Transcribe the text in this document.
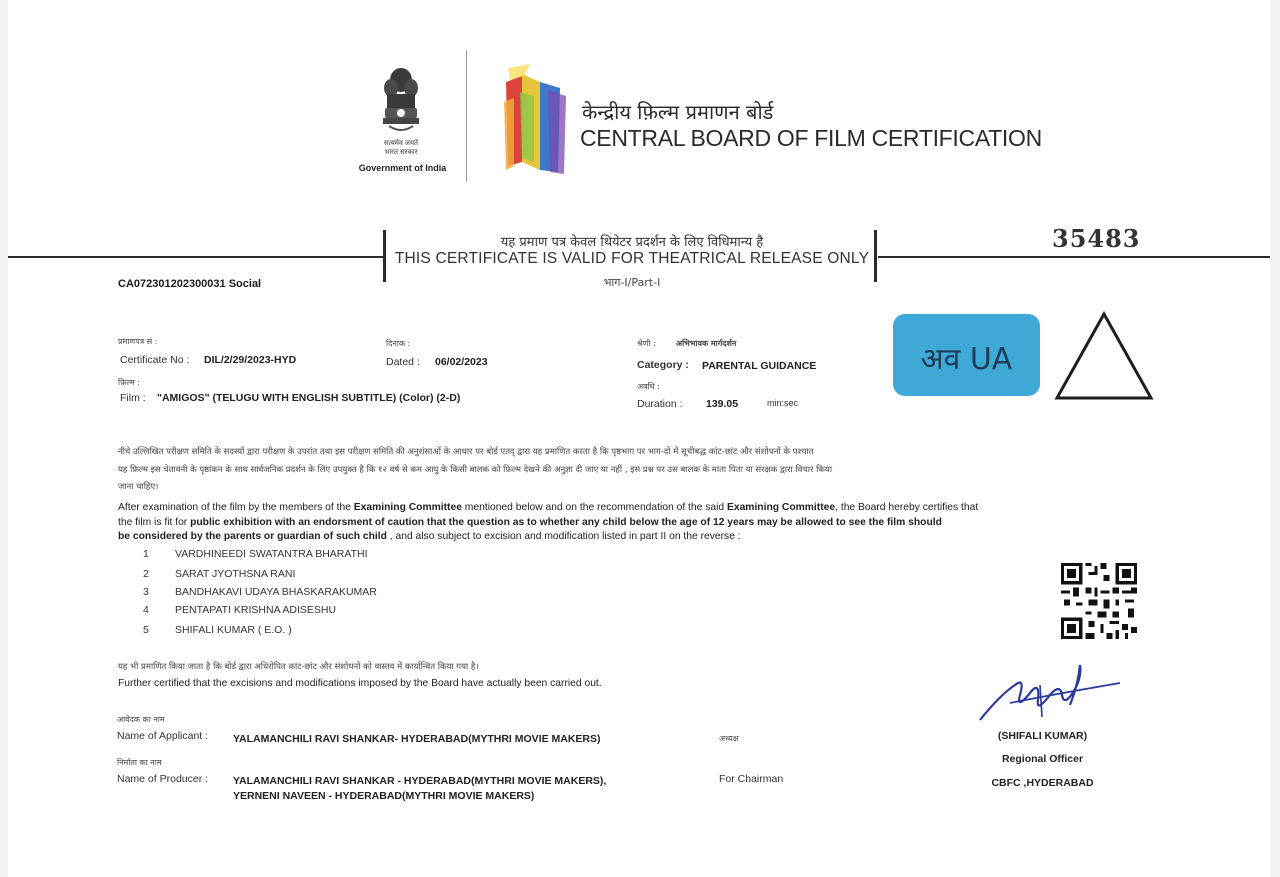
सत्यमेव जयते
भारत सरकार
Government of India
केन्द्रीय फ़िल्म प्रमाणन बोर्ड
CENTRAL BOARD OF FILM CERTIFICATION
यह प्रमाण पत्र केवल थियेटर प्रदर्शन के लिए विधिमान्य है
THIS CERTIFICATE IS VALID FOR THEATRICAL RELEASE ONLY
भाग-I/Part-I
35483
CA072301202300031 Social
प्रमाणपत्र सं :
Certificate No : DIL/2/29/2023-HYD
दिनांक :
Dated : 06/02/2023
श्रेणी :	अभिभावक मार्गदर्शन
Category : PARENTAL GUIDANCE
फ़िल्म :
Film : "AMIGOS" (TELUGU WITH ENGLISH SUBTITLE) (Color) (2-D)
अवधि :
Duration : 139.05	min:sec
अव UA
नीचे उल्लिखित परीक्षण समिति के सदस्यों द्वारा परीक्षण के उपरांत तथा इस परीक्षण समिति की अनुशंसाओं के आधार पर बोर्ड एतद् द्वारा यह प्रमाणित करता है कि पृष्ठभाग पर भाग-दो में सूचीबद्ध कांट-छांट और संशोधनों के पश्चात
यह फ़िल्म इस चेतावनी के पृष्ठांकन के साथ सार्वजनिक प्रदर्शन के लिए उपयुक्त है कि १२ वर्ष से कम आयु के किसी बालक को फ़िल्म देखने की अनुज्ञा दी जाए या नहीं , इस प्रश्न पर उस बालक के माता पिता या संरक्षक द्वारा विचार किया
जाना चाहिए।
After examination of the film by the members of the Examining Committee mentioned below and on the recommendation of the said Examining Committee, the Board hereby certifies that
the film is fit for public exhibition with an endorsment of caution that the question as to whether any child below the age of 12 years may be allowed to see the film should
be considered by the parents or guardian of such child , and also subject to excision and modification listed in part II on the reverse :
1 VARDHINEEDI SWATANTRA BHARATHI
2 SARAT JYOTHSNA RANI
3 BANDHAKAVI UDAYA BHASKARAKUMAR
4 PENTAPATI KRISHNA ADISESHU
5 SHIFALI KUMAR ( E.O. )
यह भी प्रमाणित किया जाता है कि बोर्ड द्वारा अधिरोपित कांट-छांट और संशोधनों को वास्तव में कार्यान्वित किया गया है।
Further certified that the excisions and modifications imposed by the Board have actually been carried out.
आवेदक का नाम
Name of Applicant : YALAMANCHILI RAVI SHANKAR- HYDERABAD(MYTHRI MOVIE MAKERS)	अध्यक्ष
निर्माता का नाम
Name of Producer : YALAMANCHILI RAVI SHANKAR - HYDERABAD(MYTHRI MOVIE MAKERS),
YERNENI NAVEEN - HYDERABAD(MYTHRI MOVIE MAKERS)
For Chairman
(SHIFALI KUMAR)
Regional Officer
CBFC ,HYDERABAD
